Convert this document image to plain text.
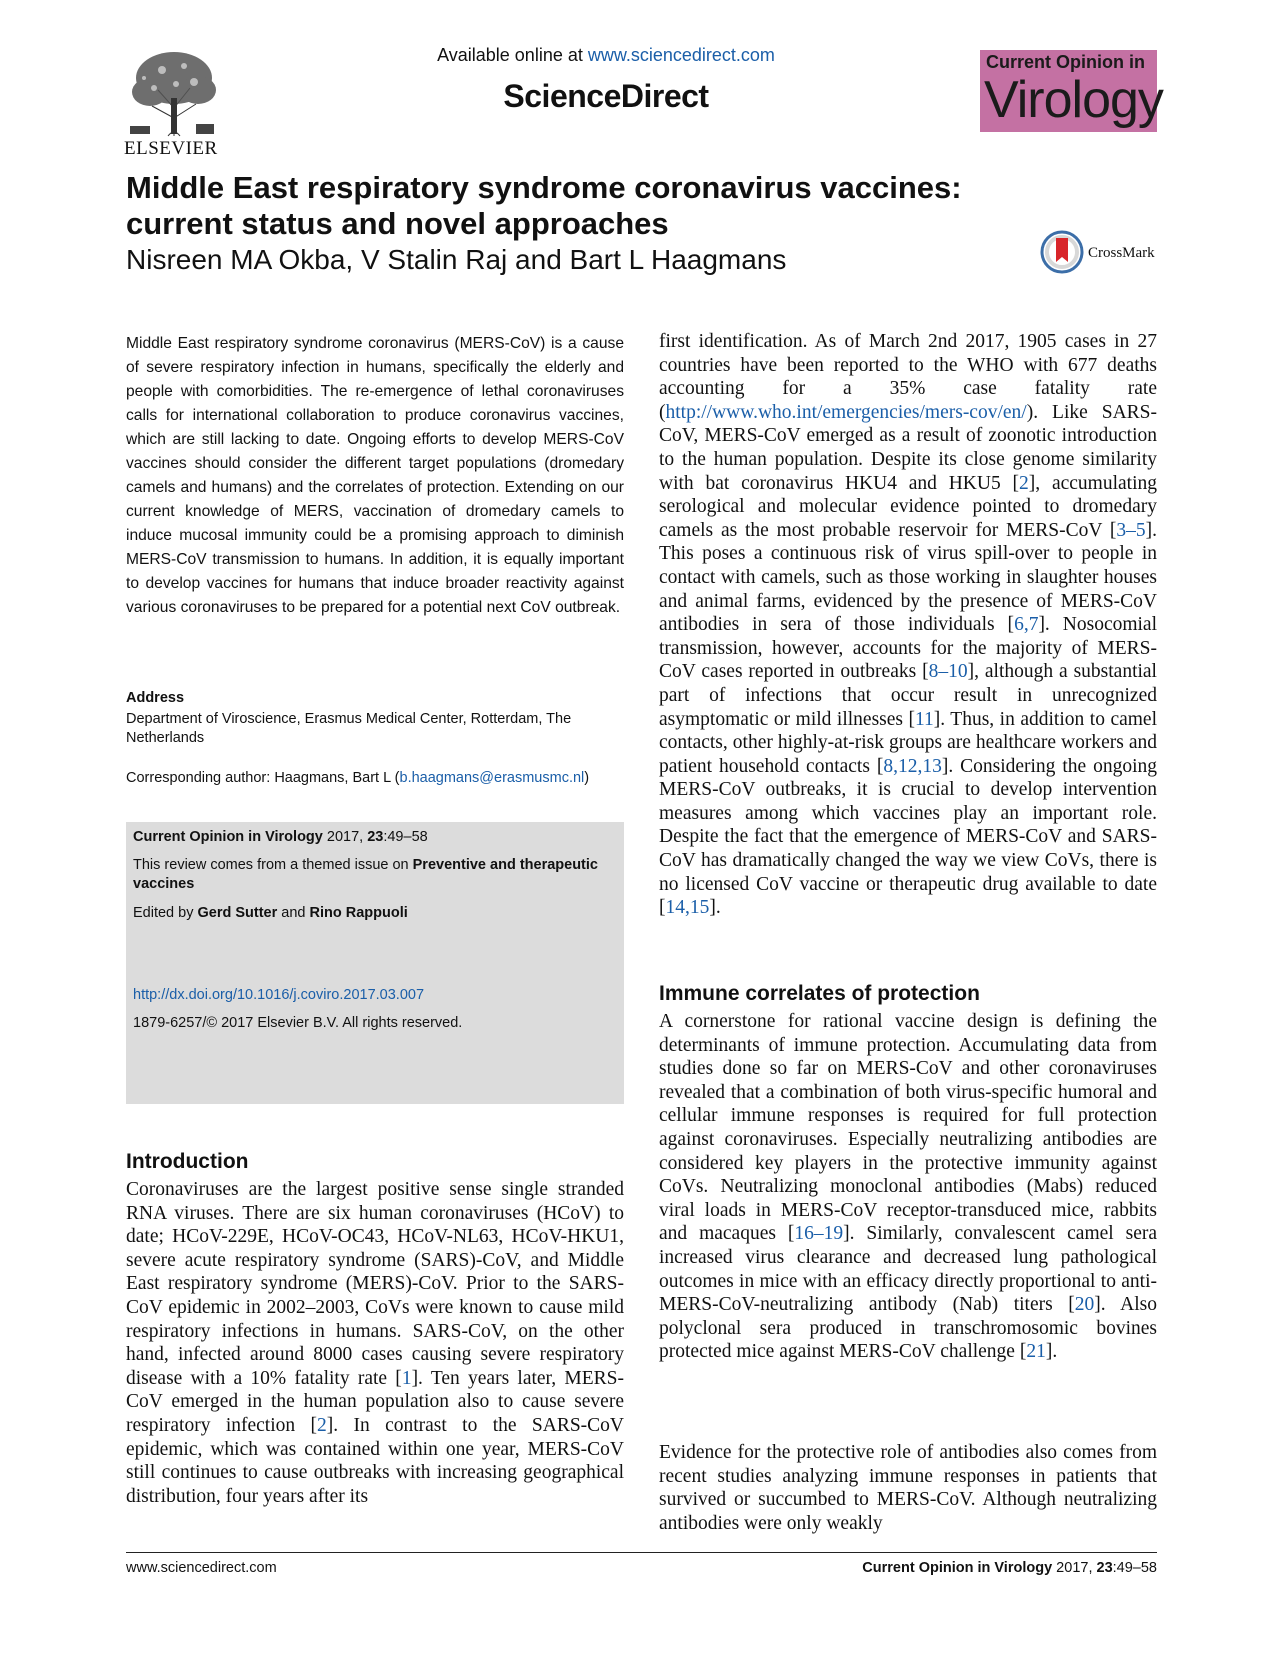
ELSEVIER
Available online at www.sciencedirect.com
ScienceDirect
Current Opinion in
Virology
Middle East respiratory syndrome coronavirus vaccines: current status and novel approaches
Nisreen MA Okba, V Stalin Raj and Bart L Haagmans	CrossMark
Middle East respiratory syndrome coronavirus (MERS-CoV) is a cause of severe respiratory infection in humans, specifically the elderly and people with comorbidities. The re-emergence of lethal coronaviruses calls for international collaboration to produce coronavirus vaccines, which are still lacking to date. Ongoing efforts to develop MERS-CoV vaccines should consider the different target populations (dromedary camels and humans) and the correlates of protection. Extending on our current knowledge of MERS, vaccination of dromedary camels to induce mucosal immunity could be a promising approach to diminish MERS-CoV transmission to humans. In addition, it is equally important to develop vaccines for humans that induce broader reactivity against various coronaviruses to be prepared for a potential next CoV outbreak.
Address
Department of Viroscience, Erasmus Medical Center, Rotterdam, The Netherlands
Corresponding author: Haagmans, Bart L (b.haagmans@erasmusmc.nl)
Current Opinion in Virology 2017, 23:49–58
This review comes from a themed issue on Preventive and therapeutic vaccines
Edited by Gerd Sutter and Rino Rappuoli
http://dx.doi.org/10.1016/j.coviro.2017.03.007
1879-6257/© 2017 Elsevier B.V. All rights reserved.
Introduction
Coronaviruses are the largest positive sense single stranded RNA viruses. There are six human coronaviruses (HCoV) to date; HCoV-229E, HCoV-OC43, HCoV-NL63, HCoV-HKU1, severe acute respiratory syndrome (SARS)-CoV, and Middle East respiratory syndrome (MERS)-CoV. Prior to the SARS-CoV epidemic in 2002–2003, CoVs were known to cause mild respiratory infections in humans. SARS-CoV, on the other hand, infected around 8000 cases causing severe respiratory disease with a 10% fatality rate [1]. Ten years later, MERS-CoV emerged in the human population also to cause severe respiratory infection [2]. In contrast to the SARS-CoV epidemic, which was contained within one year, MERS-CoV still continues to cause outbreaks with increasing geographical distribution, four years after its
first identification. As of March 2nd 2017, 1905 cases in 27 countries have been reported to the WHO with 677 deaths accounting for a 35% case fatality rate (http://www.who.int/emergencies/mers-cov/en/). Like SARS-CoV, MERS-CoV emerged as a result of zoonotic introduction to the human population. Despite its close genome similarity with bat coronavirus HKU4 and HKU5 [2], accumulating serological and molecular evidence pointed to dromedary camels as the most probable reservoir for MERS-CoV [3–5]. This poses a continuous risk of virus spill-over to people in contact with camels, such as those working in slaughter houses and animal farms, evidenced by the presence of MERS-CoV antibodies in sera of those individuals [6,7]. Nosocomial transmission, however, accounts for the majority of MERS-CoV cases reported in outbreaks [8–10], although a substantial part of infections that occur result in unrecognized asymptomatic or mild illnesses [11]. Thus, in addition to camel contacts, other highly-at-risk groups are healthcare workers and patient household contacts [8,12,13]. Considering the ongoing MERS-CoV outbreaks, it is crucial to develop intervention measures among which vaccines play an important role. Despite the fact that the emergence of MERS-CoV and SARS-CoV has dramatically changed the way we view CoVs, there is no licensed CoV vaccine or therapeutic drug available to date [14,15].
Immune correlates of protection
A cornerstone for rational vaccine design is defining the determinants of immune protection. Accumulating data from studies done so far on MERS-CoV and other coronaviruses revealed that a combination of both virus-specific humoral and cellular immune responses is required for full protection against coronaviruses. Especially neutralizing antibodies are considered key players in the protective immunity against CoVs. Neutralizing monoclonal antibodies (Mabs) reduced viral loads in MERS-CoV receptor-transduced mice, rabbits and macaques [16–19]. Similarly, convalescent camel sera increased virus clearance and decreased lung pathological outcomes in mice with an efficacy directly proportional to anti-MERS-CoV-neutralizing antibody (Nab) titers [20]. Also polyclonal sera produced in transchromosomic bovines protected mice against MERS-CoV challenge [21].
Evidence for the protective role of antibodies also comes from recent studies analyzing immune responses in patients that survived or succumbed to MERS-CoV. Although neutralizing antibodies were only weakly
www.sciencedirect.com	Current Opinion in Virology 2017, 23:49–58
